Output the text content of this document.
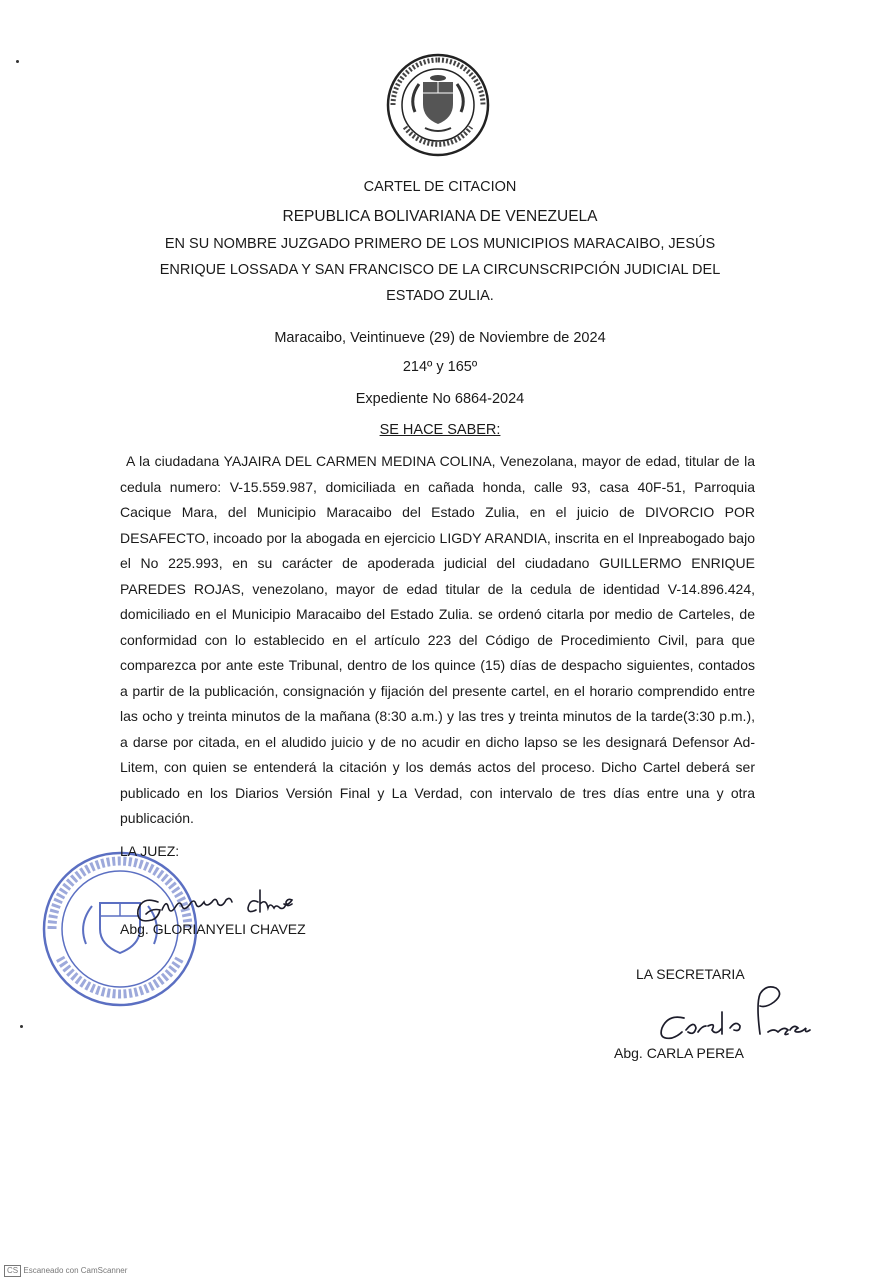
CARTEL DE CITACION
REPUBLICA BOLIVARIANA DE VENEZUELA
EN SU NOMBRE JUZGADO PRIMERO DE LOS MUNICIPIOS MARACAIBO, JESÚS ENRIQUE LOSSADA Y SAN FRANCISCO DE LA CIRCUNSCRIPCIÓN JUDICIAL DEL ESTADO ZULIA.
Maracaibo, Veintinueve (29) de Noviembre de 2024
214º y 165º
Expediente No 6864-2024
SE HACE SABER:

A la ciudadana YAJAIRA DEL CARMEN MEDINA COLINA, Venezolana, mayor de edad, titular de la cedula numero: V-15.559.987, domiciliada en cañada honda, calle 93, casa 40F-51, Parroquia Cacique Mara, del Municipio Maracaibo del Estado Zulia, en el juicio de DIVORCIO POR DESAFECTO, incoado por la abogada en ejercicio LIGDY ARANDIA, inscrita en el Inpreabogado bajo el No 225.993, en su carácter de apoderada judicial del ciudadano GUILLERMO ENRIQUE PAREDES ROJAS, venezolano, mayor de edad titular de la cedula de identidad V-14.896.424, domiciliado en el Municipio Maracaibo del Estado Zulia. se ordenó citarla por medio de Carteles, de conformidad con lo establecido en el artículo 223 del Código de Procedimiento Civil, para que comparezca por ante este Tribunal, dentro de los quince (15) días de despacho siguientes, contados a partir de la publicación, consignación y fijación del presente cartel, en el horario comprendido entre las ocho y treinta minutos de la mañana (8:30 a.m.) y las tres y treinta minutos de la tarde(3:30 p.m.), a darse por citada, en el aludido juicio y de no acudir en dicho lapso se les designará Defensor Ad-Litem, con quien se entenderá la citación y los demás actos del proceso. Dicho Cartel deberá ser publicado en los Diarios Versión Final y La Verdad, con intervalo de tres días entre una y otra publicación.

LA JUEZ:
Abg. GLORIANYELI CHAVEZ
LA SECRETARIA
Abg. CARLA PEREA
CS Escaneado con CamScanner
